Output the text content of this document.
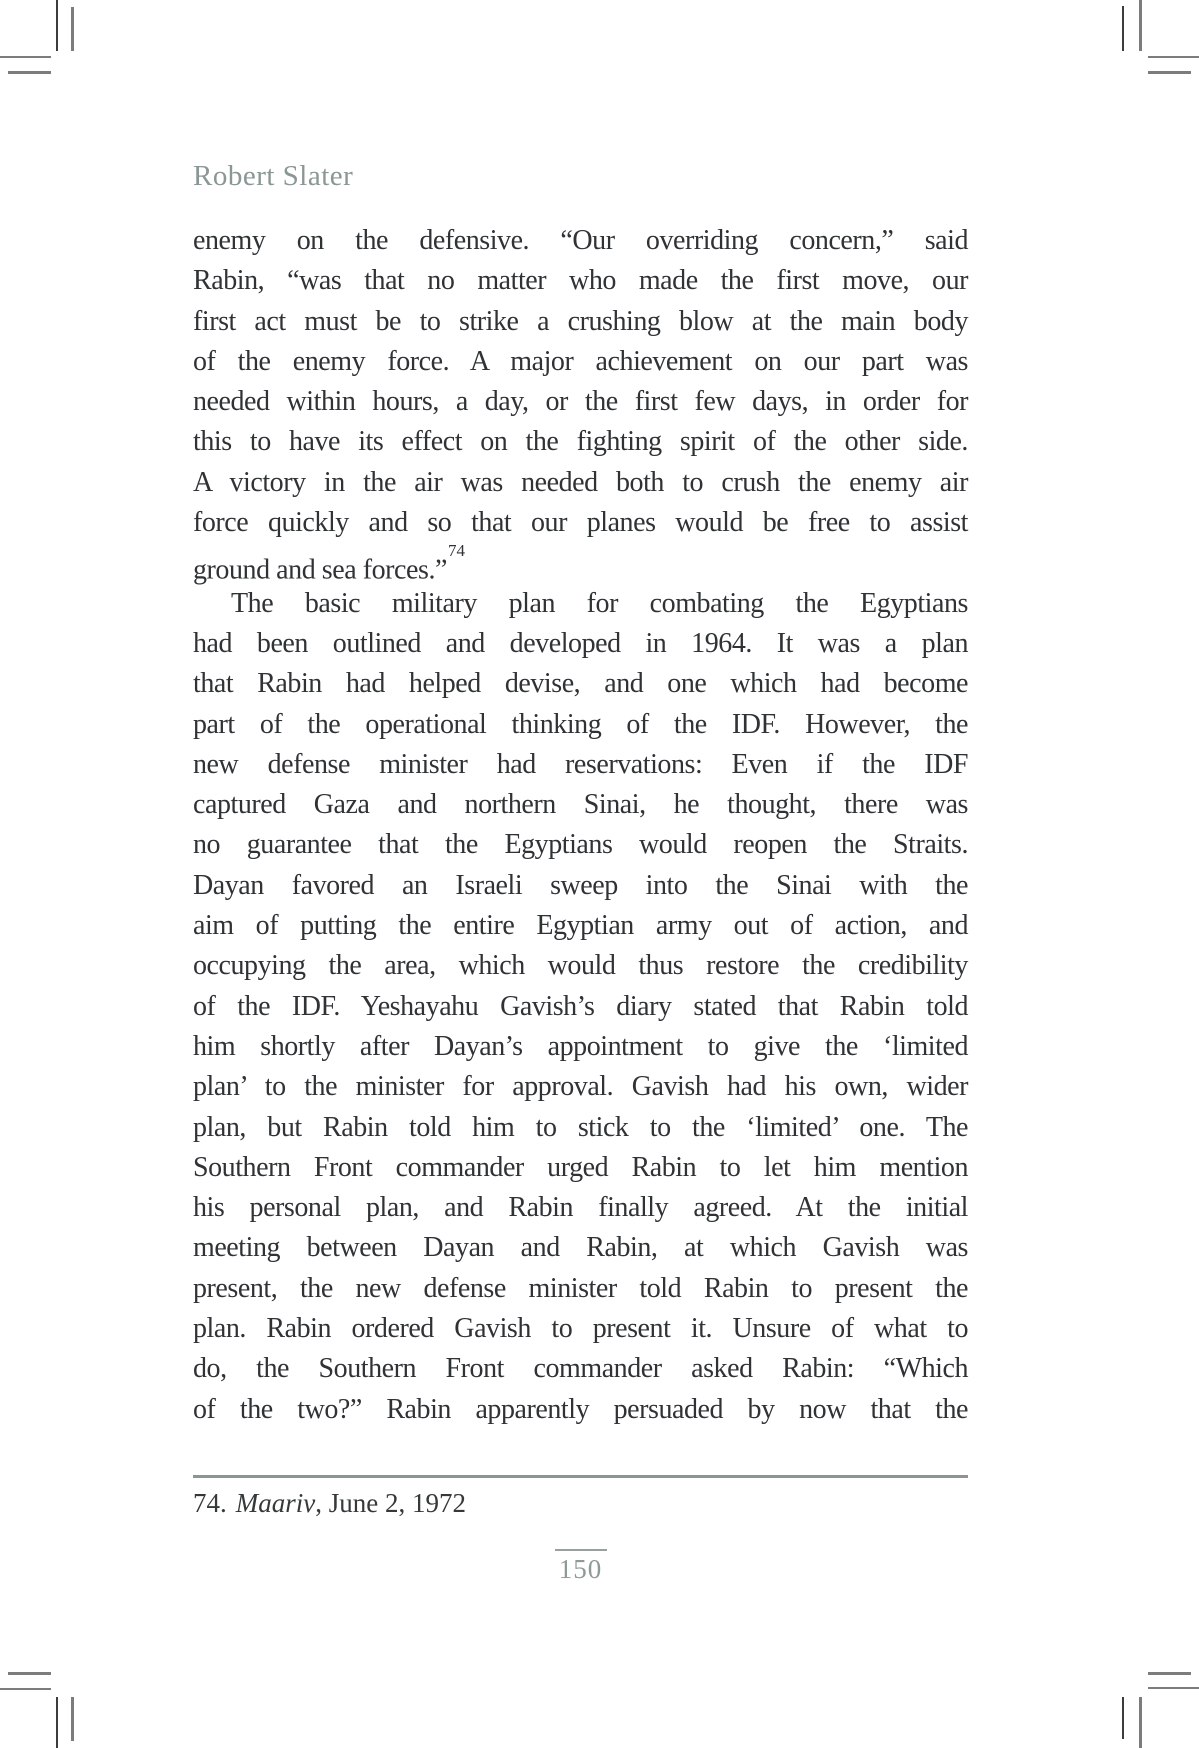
Robert Slater
enemy on the defensive. “Our overriding concern,” said
Rabin, “was that no matter who made the first move, our
first act must be to strike a crushing blow at the main body
of the enemy force. A major achievement on our part was
needed within hours, a day, or the first few days, in order for
this to have its effect on the fighting spirit of the other side.
A victory in the air was needed both to crush the enemy air
force quickly and so that our planes would be free to assist
ground and sea forces.”$^{74}$
The basic military plan for combating the Egyptians
had been outlined and developed in 1964. It was a plan
that Rabin had helped devise, and one which had become
part of the operational thinking of the IDF. However, the
new defense minister had reservations: Even if the IDF
captured Gaza and northern Sinai, he thought, there was
no guarantee that the Egyptians would reopen the Straits.
Dayan favored an Israeli sweep into the Sinai with the
aim of putting the entire Egyptian army out of action, and
occupying the area, which would thus restore the credibility
of the IDF. Yeshayahu Gavish’s diary stated that Rabin told
him shortly after Dayan’s appointment to give the ‘limited
plan’ to the minister for approval. Gavish had his own, wider
plan, but Rabin told him to stick to the ‘limited’ one. The
Southern Front commander urged Rabin to let him mention
his personal plan, and Rabin finally agreed. At the initial
meeting between Dayan and Rabin, at which Gavish was
present, the new defense minister told Rabin to present the
plan. Rabin ordered Gavish to present it. Unsure of what to
do, the Southern Front commander asked Rabin: “Which
of the two?” Rabin apparently persuaded by now that the
74. Maariv, June 2, 1972
150
